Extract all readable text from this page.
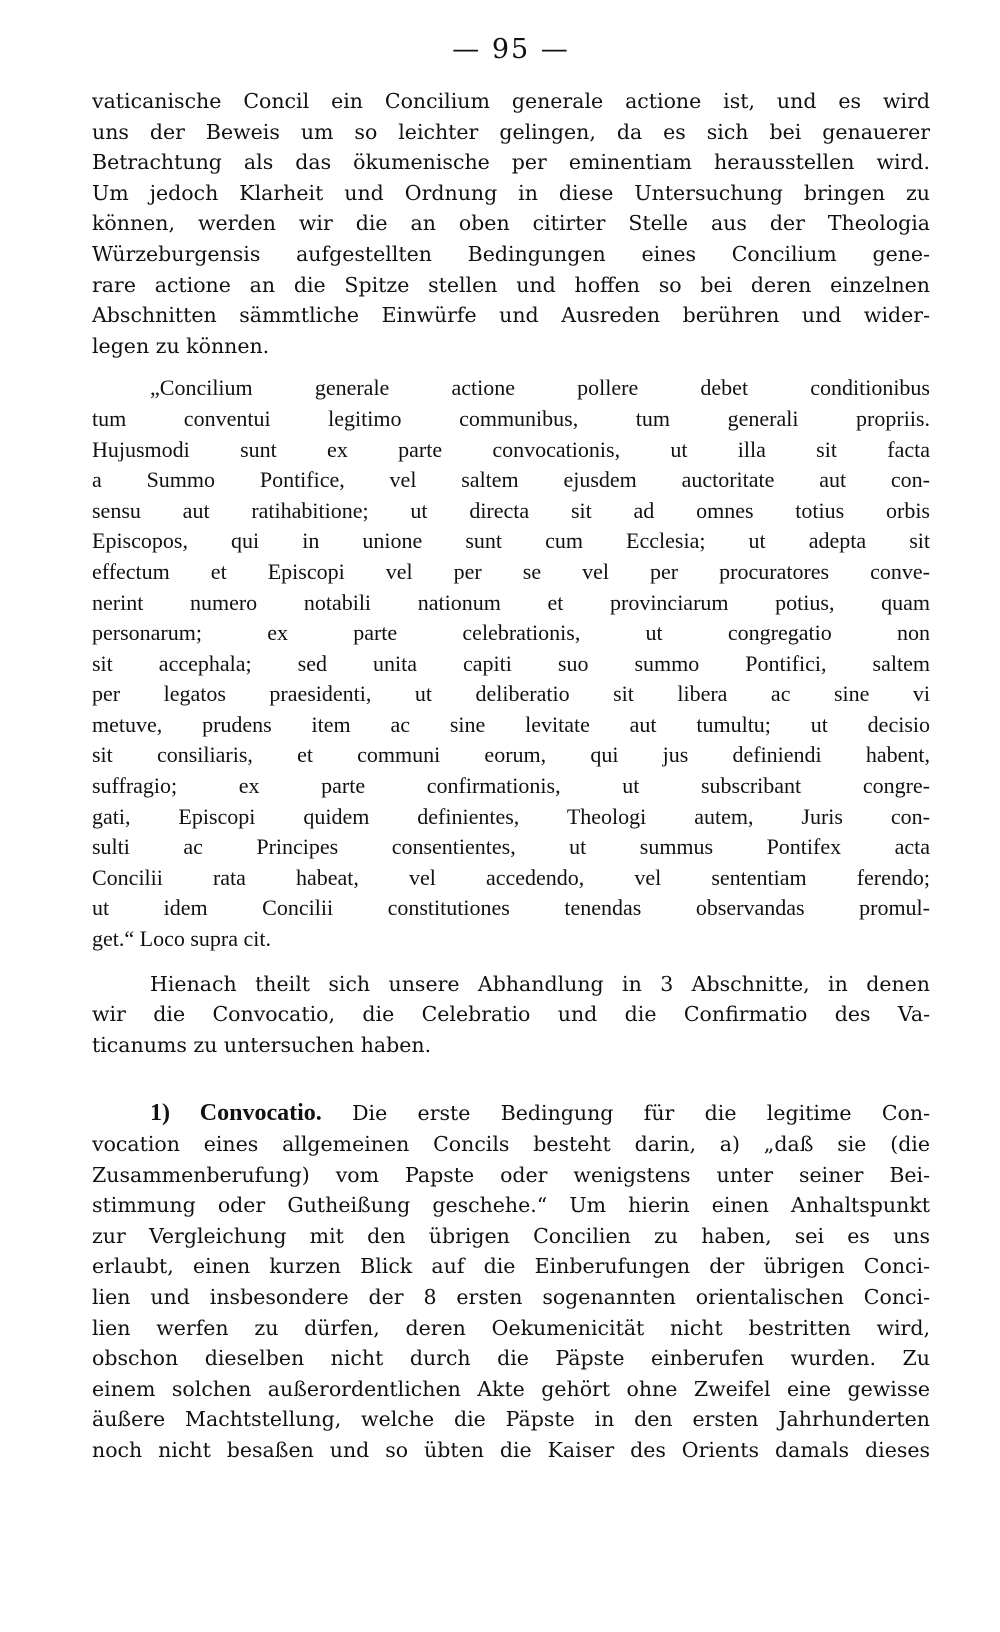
— 95 —
vaticanische Concil ein Concilium generale actione ist, und es wird
uns der Beweis um so leichter gelingen, da es sich bei genauerer
Betrachtung als das ökumenische per eminentiam herausstellen wird.
Um jedoch Klarheit und Ordnung in diese Untersuchung bringen zu
können, werden wir die an oben citirter Stelle aus der Theologia
Würzeburgensis aufgestellten Bedingungen eines Concilium gene-
rare actione an die Spitze stellen und hoffen so bei deren einzelnen
Abschnitten sämmtliche Einwürfe und Ausreden berühren und wider-
legen zu können.
„Concilium generale actione pollere debet conditionibus
tum conventui legitimo communibus, tum generali propriis.
Hujusmodi sunt ex parte convocationis, ut illa sit facta
a Summo Pontifice, vel saltem ejusdem auctoritate aut con-
sensu aut ratihabitione; ut directa sit ad omnes totius orbis
Episcopos, qui in unione sunt cum Ecclesia; ut adepta sit
effectum et Episcopi vel per se vel per procuratores conve-
nerint numero notabili nationum et provinciarum potius, quam
personarum; ex parte celebrationis, ut congregatio non
sit accephala; sed unita capiti suo summo Pontifici, saltem
per legatos praesidenti, ut deliberatio sit libera ac sine vi
metuve, prudens item ac sine levitate aut tumultu; ut decisio
sit consiliaris, et communi eorum, qui jus definiendi habent,
suffragio; ex parte confirmationis, ut subscribant congre-
gati, Episcopi quidem definientes, Theologi autem, Juris con-
sulti ac Principes consentientes, ut summus Pontifex acta
Concilii rata habeat, vel accedendo, vel sententiam ferendo;
ut idem Concilii constitutiones tenendas observandas promul-
get.“ Loco supra cit.
Hienach theilt sich unsere Abhandlung in 3 Abschnitte, in denen
wir die Convocatio, die Celebratio und die Confirmatio des Va-
ticanums zu untersuchen haben.
1) Convocatio. Die erste Bedingung für die legitime Con-
vocation eines allgemeinen Concils besteht darin, a) „daß sie (die
Zusammenberufung) vom Papste oder wenigstens unter seiner Bei-
stimmung oder Gutheißung geschehe.“ Um hierin einen Anhaltspunkt
zur Vergleichung mit den übrigen Concilien zu haben, sei es uns
erlaubt, einen kurzen Blick auf die Einberufungen der übrigen Conci-
lien und insbesondere der 8 ersten sogenannten orientalischen Conci-
lien werfen zu dürfen, deren Oekumenicität nicht bestritten wird,
obschon dieselben nicht durch die Päpste einberufen wurden. Zu
einem solchen außerordentlichen Akte gehört ohne Zweifel eine gewisse
äußere Machtstellung, welche die Päpste in den ersten Jahrhunderten
noch nicht besaßen und so übten die Kaiser des Orients damals dieses
